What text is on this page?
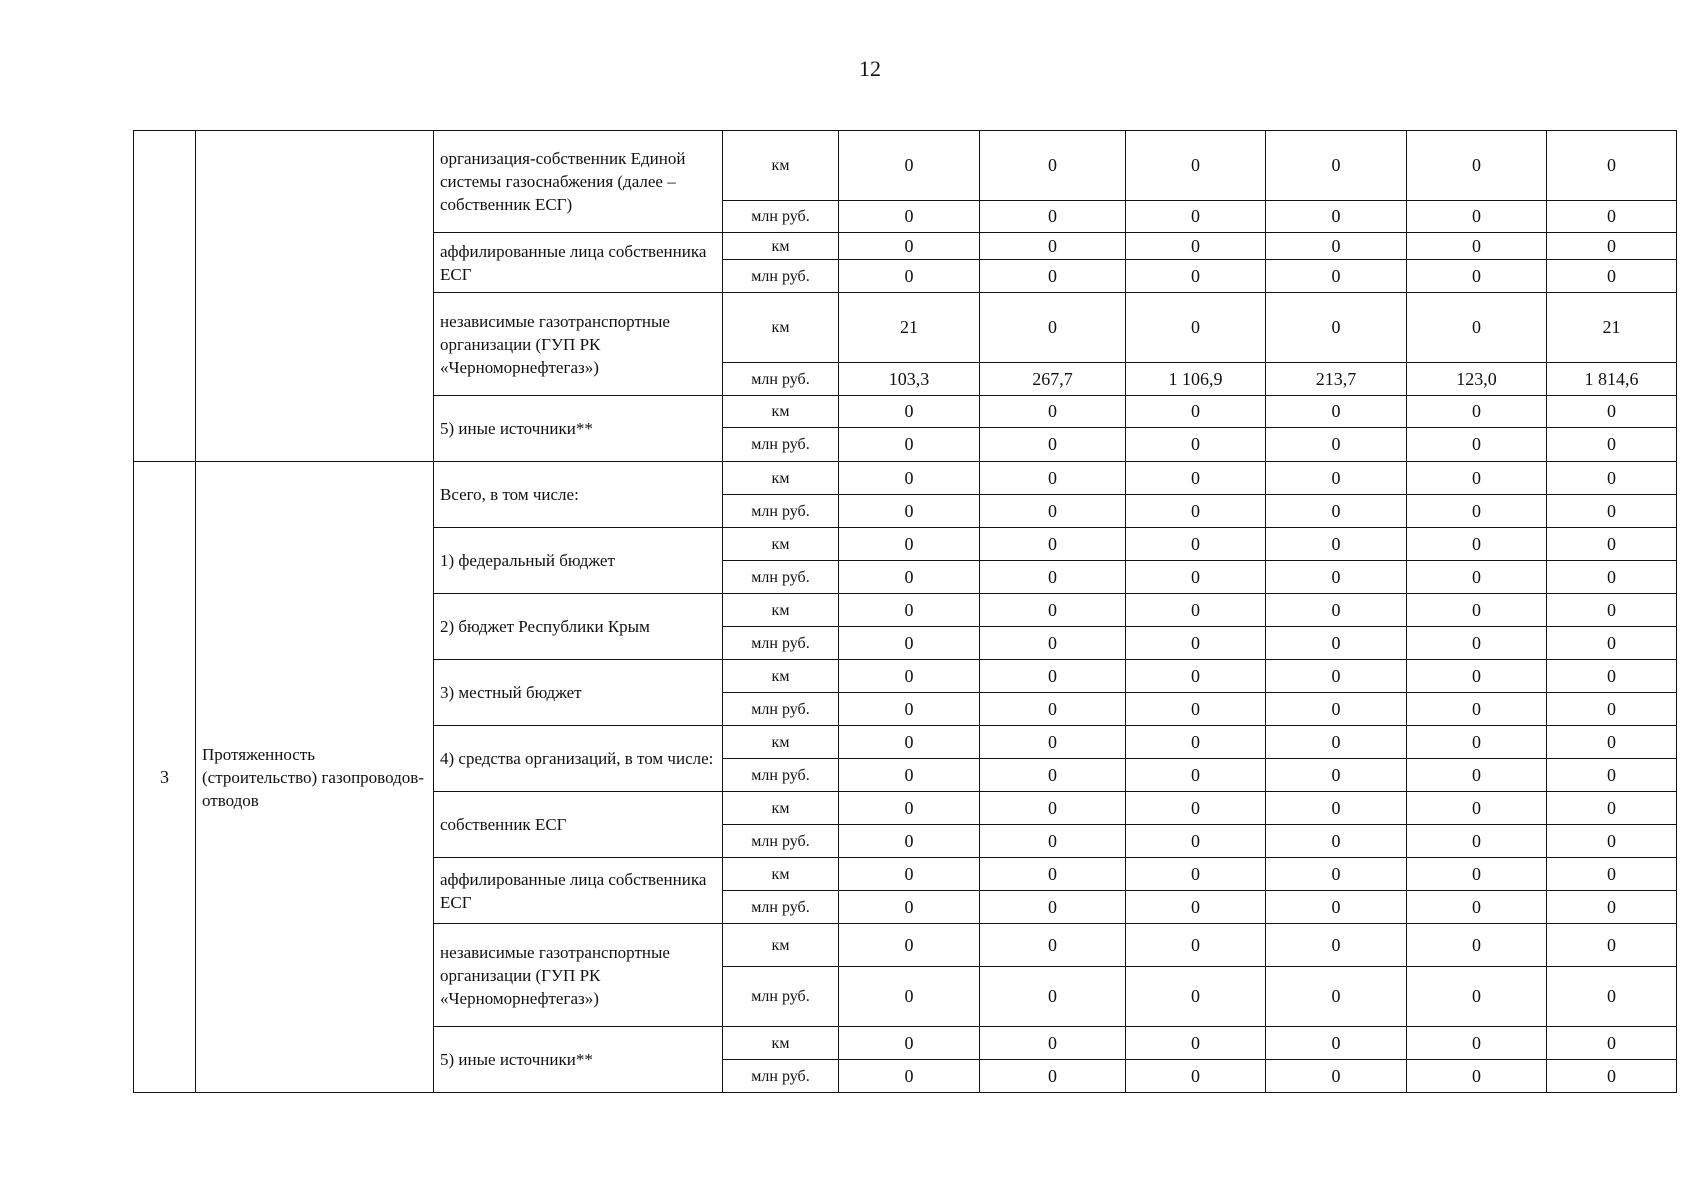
12
		организация-собственник Единой системы газоснабжения (далее – собственник ЕСГ)	км	0	0	0	0	0	0
			млн руб.	0	0	0	0	0	0
		аффилированные лица собственника ЕСГ	км	0	0	0	0	0	0
			млн руб.	0	0	0	0	0	0
		независимые газотранспортные организации (ГУП РК «Черноморнефтегаз»)	км	21	0	0	0	0	21
			млн руб.	103,3	267,7	1 106,9	213,7	123,0	1 814,6
		5) иные источники**	км	0	0	0	0	0	0
			млн руб.	0	0	0	0	0	0
3	Протяженность (строительство) газопроводов-отводов	Всего, в том числе:	км	0	0	0	0	0	0
			млн руб.	0	0	0	0	0	0
		1) федеральный бюджет	км	0	0	0	0	0	0
			млн руб.	0	0	0	0	0	0
		2) бюджет Республики Крым	км	0	0	0	0	0	0
			млн руб.	0	0	0	0	0	0
		3) местный бюджет	км	0	0	0	0	0	0
			млн руб.	0	0	0	0	0	0
		4) средства организаций, в том числе:	км	0	0	0	0	0	0
			млн руб.	0	0	0	0	0	0
		собственник ЕСГ	км	0	0	0	0	0	0
			млн руб.	0	0	0	0	0	0
		аффилированные лица собственника ЕСГ	км	0	0	0	0	0	0
			млн руб.	0	0	0	0	0	0
		независимые газотранспортные организации (ГУП РК «Черноморнефтегаз»)	км	0	0	0	0	0	0
			млн руб.	0	0	0	0	0	0
		5) иные источники**	км	0	0	0	0	0	0
			млн руб.	0	0	0	0	0	0
